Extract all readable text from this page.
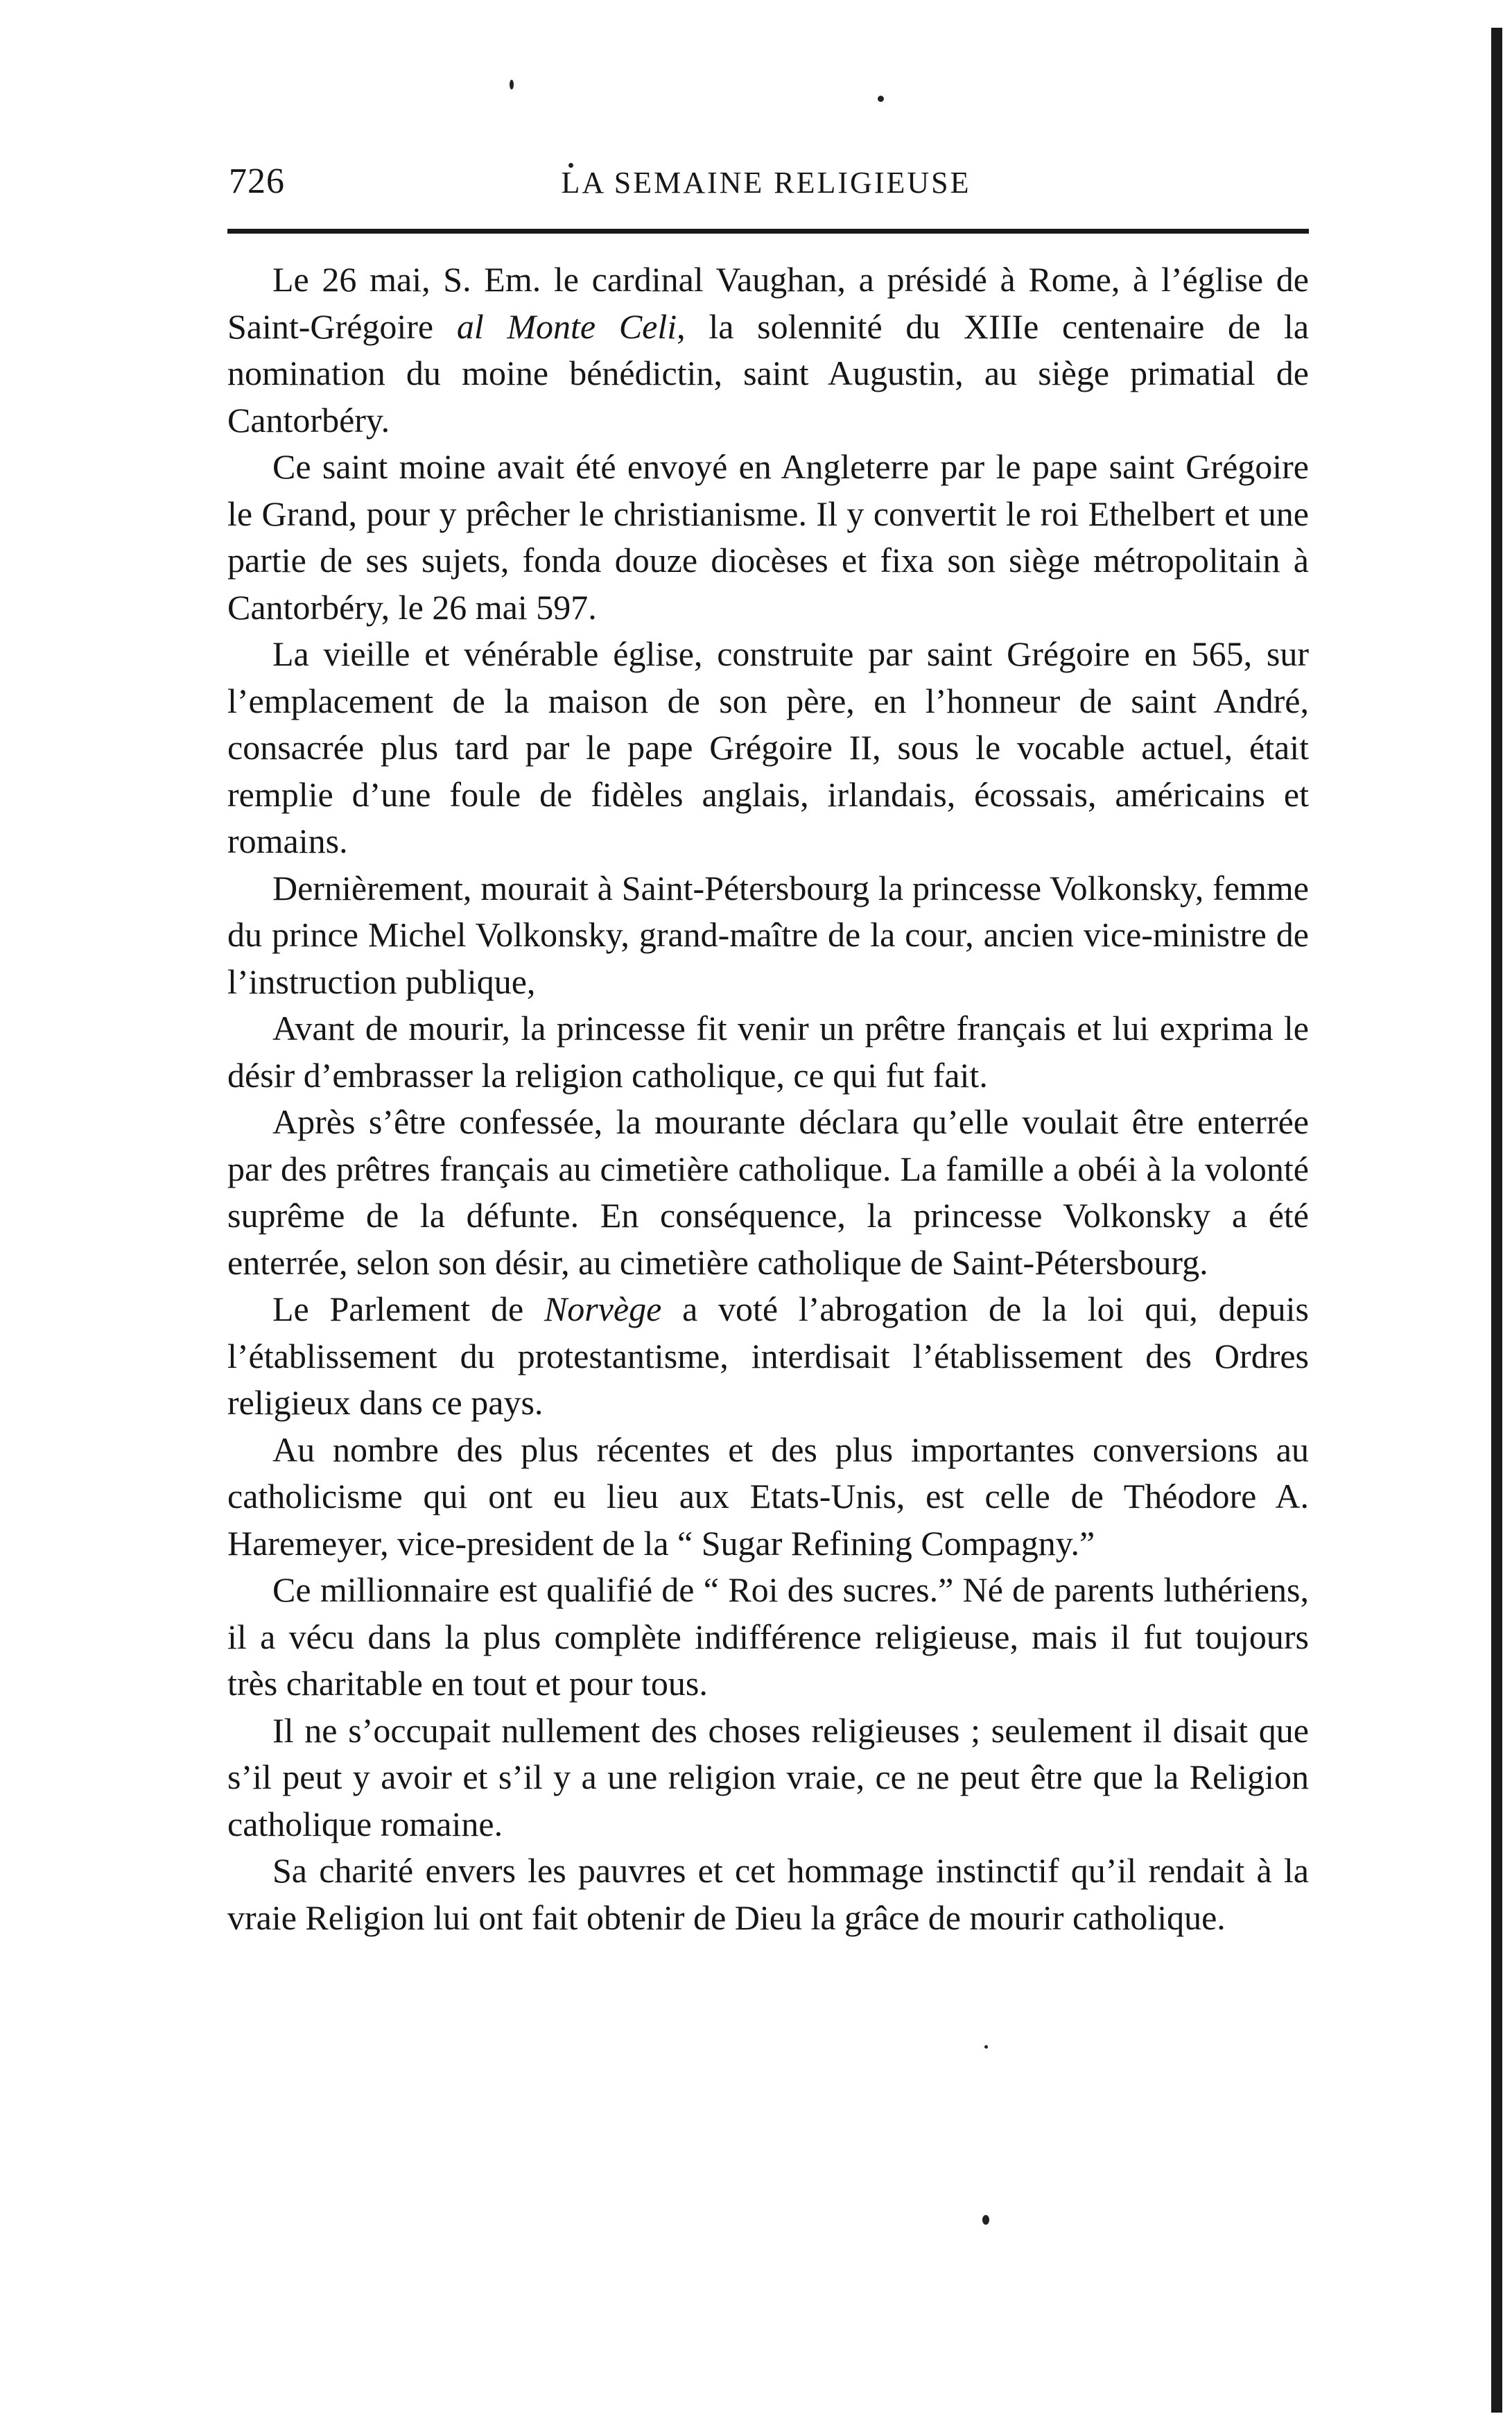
726	LA SEMAINE RELIGIEUSE

Le 26 mai, S. Em. le cardinal Vaughan, a présidé à Rome, à l’église de Saint-Grégoire al Monte Celi, la solennité du XIIIe centenaire de la nomination du moine bénédictin, saint Augustin, au siège primatial de Cantorbéry.

Ce saint moine avait été envoyé en Angleterre par le pape saint Grégoire le Grand, pour y prêcher le christianisme. Il y convertit le roi Ethelbert et une partie de ses sujets, fonda douze diocèses et fixa son siège métropolitain à Cantorbéry, le 26 mai 597.

La vieille et vénérable église, construite par saint Grégoire en 565, sur l’emplacement de la maison de son père, en l’honneur de saint André, consacrée plus tard par le pape Grégoire II, sous le vocable actuel, était remplie d’une foule de fidèles anglais, irlandais, écossais, américains et romains.

Dernièrement, mourait à Saint-Pétersbourg la princesse Volkonsky, femme du prince Michel Volkonsky, grand-maître de la cour, ancien vice-ministre de l’instruction publique,

Avant de mourir, la princesse fit venir un prêtre français et lui exprima le désir d’embrasser la religion catholique, ce qui fut fait.

Après s’être confessée, la mourante déclara qu’elle voulait être enterrée par des prêtres français au cimetière catholique. La famille a obéi à la volonté suprême de la défunte. En conséquence, la princesse Volkonsky a été enterrée, selon son désir, au cimetière catholique de Saint-Pétersbourg.

Le Parlement de Norvège a voté l’abrogation de la loi qui, depuis l’établissement du protestantisme, interdisait l’établissement des Ordres religieux dans ce pays.

Au nombre des plus récentes et des plus importantes conversions au catholicisme qui ont eu lieu aux Etats-Unis, est celle de Théodore A. Haremeyer, vice-president de la “ Sugar Refining Compagny.”

Ce millionnaire est qualifié de “ Roi des sucres.” Né de parents luthériens, il a vécu dans la plus complète indifférence religieuse, mais il fut toujours très charitable en tout et pour tous.

Il ne s’occupait nullement des choses religieuses ; seulement il disait que s’il peut y avoir et s’il y a une religion vraie, ce ne peut être que la Religion catholique romaine.

Sa charité envers les pauvres et cet hommage instinctif qu’il rendait à la vraie Religion lui ont fait obtenir de Dieu la grâce de mourir catholique.
